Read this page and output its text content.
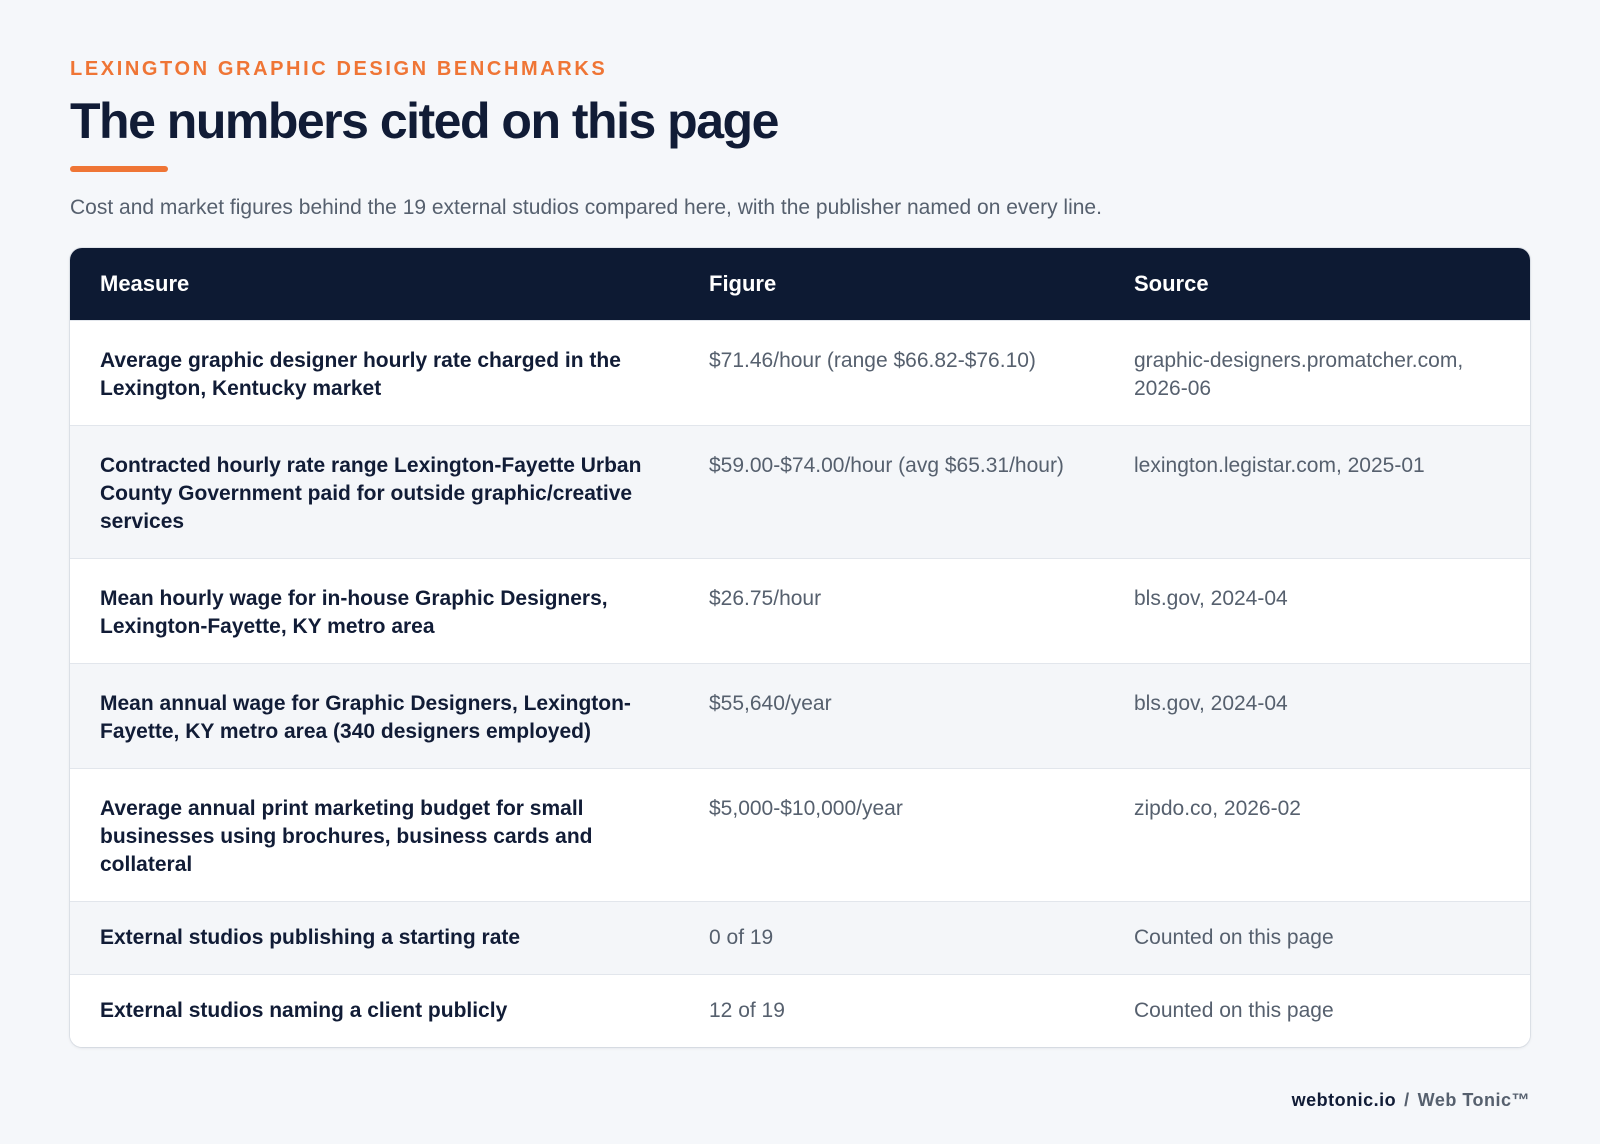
LEXINGTON GRAPHIC DESIGN BENCHMARKS
The numbers cited on this page
Cost and market figures behind the 19 external studios compared here, with the publisher named on every line.
Measure	Figure	Source
Average graphic designer hourly rate charged in the Lexington, Kentucky market	$71.46/hour (range $66.82-$76.10)	graphic-designers.promatcher.com, 2026-06
Contracted hourly rate range Lexington-Fayette Urban County Government paid for outside graphic/creative services	$59.00-$74.00/hour (avg $65.31/hour)	lexington.legistar.com, 2025-01
Mean hourly wage for in-house Graphic Designers, Lexington-Fayette, KY metro area	$26.75/hour	bls.gov, 2024-04
Mean annual wage for Graphic Designers, Lexington-Fayette, KY metro area (340 designers employed)	$55,640/year	bls.gov, 2024-04
Average annual print marketing budget for small businesses using brochures, business cards and collateral	$5,000-$10,000/year	zipdo.co, 2026-02
External studios publishing a starting rate	0 of 19	Counted on this page
External studios naming a client publicly	12 of 19	Counted on this page
webtonic.io / Web Tonic™
